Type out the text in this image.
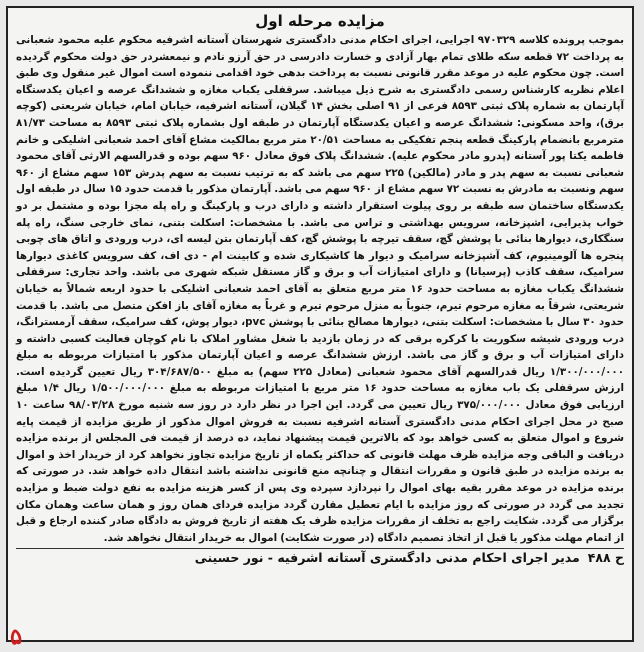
مزایده مرحله اول
بموجب پرونده کلاسه ۹۷۰۳۲۹ اجرایی، اجرای احکام مدنی دادگستری شهرستان آستانه اشرفیه محکوم علیه محمود شعبانی به پرداخت ۷۲ قطعه سکه طلای تمام بهار آزادی و خسارت دادرسی در حق آرزو نادم و نیمعشردر حق دولت محکوم گردیده است. چون محکوم علیه در موعد مقرر قانونی نسبت به پرداخت بدهی خود اقدامی ننموده است اموال غیر منقول وی طبق اعلام نظریه کارشناس رسمی دادگستری به شرح ذیل میباشد. سرقفلی یکباب مغازه و ششدانگ عرصه و اعیان یکدستگاه آپارتمان به شماره پلاک ثبتی ۸۵۹۳ فرعی از ۹۱ اصلی بخش ۱۴ گیلان، آستانه اشرفیه، خیابان امام، خیابان شریعتی (کوچه برق)، واحد مسکونی: ششدانگ عرصه و اعیان یکدستگاه آپارتمان در طبقه اول بشماره پلاک ثبتی ۸۵۹۳ به مساحت ۸۱/۷۳ مترمربع بانضمام پارکینگ قطعه پنجم تفکیکی به مساحت ۲۰/۵۱ متر مربع بمالکیت مشاع آقای احمد شعبانی اشلیکی و خانم فاطمه یکتا پور آستانه (پدرو مادر محکوم علیه). ششدانگ پلاک فوق معادل ۹۶۰ سهم بوده و قدرالسهم الارثی آقای محمود شعبانی نسبت به سهم پدر و مادر (مالکین) ۲۲۵ سهم می باشد که به ترتیب نسبت به سهم پدرش ۱۵۳ سهم مشاع از ۹۶۰ سهم ونسبت به مادرش به نسبت ۷۲ سهم مشاع از ۹۶۰ سهم می باشد. آپارتمان مذکور با قدمت حدود ۱۵ سال در طبقه اول یکدستگاه ساختمان سه طبقه بر روی پیلوت استقرار داشته و دارای درب و پارکینگ و راه پله مجزا بوده و مشتمل بر دو خواب پذیرایی، اشپزخانه، سرویس بهداشتی و تراس می باشد. با مشخصات: اسکلت بتنی، نمای خارجی سنگ، راه پله سنگکاری، دیوارها بنائی با پوشش گچ، سقف تیرچه با پوشش گچ، کف آپارتمان بتن لیسه ای، درب ورودی و اتاق های چوبی پنجره ها آلومینیوم، کف آشپزخانه سرامیک و دیوار ها کاشیکاری شده و کابینت ام - دی اف، کف سرویس کاغذی دیوارها سرامیک، سقف کاذب (پرسیانا) و دارای امتیازات آب و برق و گاز مستقل شبکه شهری می باشد. واحد تجاری: سرقفلی ششدانگ یکباب مغازه به مساحت حدود ۱۶ متر مربع متعلق به آقای احمد شعبانی اشلیکی با حدود اربعه شمالاً به خیابان شریعتی، شرقاً به مغازه مرحوم تیرم، جنوباً به منزل مرحوم تیرم و غرباً به مغازه آقای باز افکن متصل می باشد. با قدمت حدود ۳۰ سال با مشخصات: اسکلت بتنی، دیوارها مصالح بنائی با پوشش pvc، دیوار پوش، کف سرامیک، سقف آرمسترانگ، درب ورودی شیشه سکوریت با کرکره برقی که در زمان بازدید با شغل مشاور املاک با نام کوچان فعالیت کسبی داشته و دارای امتیازات آب و برق و گاز می باشد. ارزش ششدانگ عرصه و اعیان آپارتمان مذکور با امتیازات مربوطه به مبلغ ۱/۳۰۰/۰۰۰/۰۰۰ ریال قدرالسهم آقای محمود شعبانی (معادل ۲۲۵ سهم) به مبلغ ۳۰۴/۶۸۷/۵۰۰ ریال تعیین گردیده است. ارزش سرقفلی یک باب مغازه به مساحت حدود ۱۶ متر مربع با امتیازات مربوطه به مبلغ ۱/۵۰۰/۰۰۰/۰۰۰ ریال ۱/۴ مبلغ ارزیابی فوق معادل ۳۷۵/۰۰۰/۰۰۰ ریال تعیین می گردد. این اجرا در نظر دارد در روز سه شنبه مورخ ۹۸/۰۳/۲۸ ساعت ۱۰ صبح در محل اجرای احکام مدنی دادگستری آستانه اشرفیه نسبت به فروش اموال مذکور از طریق مزایده از قیمت پایه شروع و اموال متعلق به کسی خواهد بود که بالاترین قیمت پیشنهاد نماید، ده درصد از قیمت فی المجلس از برنده مزایده دریافت و الباقی وجه مزایده ظرف مهلت قانونی که حداکثر یکماه از تاریخ مزایده تجاوز نخواهد کرد از خریدار اخذ و اموال به برنده مزایده در طبق قانون و مقررات انتقال و چنانچه منع قانونی نداشته باشد انتقال داده خواهد شد. در صورتی که برنده مزایده در موعد مقرر بقیه بهای اموال را نپردازد سپرده وی پس از کسر هزینه مزایده به نفع دولت ضبط و مزایده تجدید می گردد در صورتی که روز مزایده با ایام تعطیل مقارن گردد مزایده فردای همان روز و همان ساعت وهمان مکان برگزار می گردد. شکایت راجع به تخلف از مقررات مزایده ظرف یک هفته از تاریخ فروش به دادگاه صادر کننده ارجاع و قبل از اتمام مهلت مذکور یا قبل از اتخاذ تصمیم دادگاه (در صورت شکایت) اموال به خریدار انتقال نخواهد شد.
ح ۴۸۸
مدیر اجرای احکام مدنی دادگستری آستانه اشرفیه - نور حسینی
۵
